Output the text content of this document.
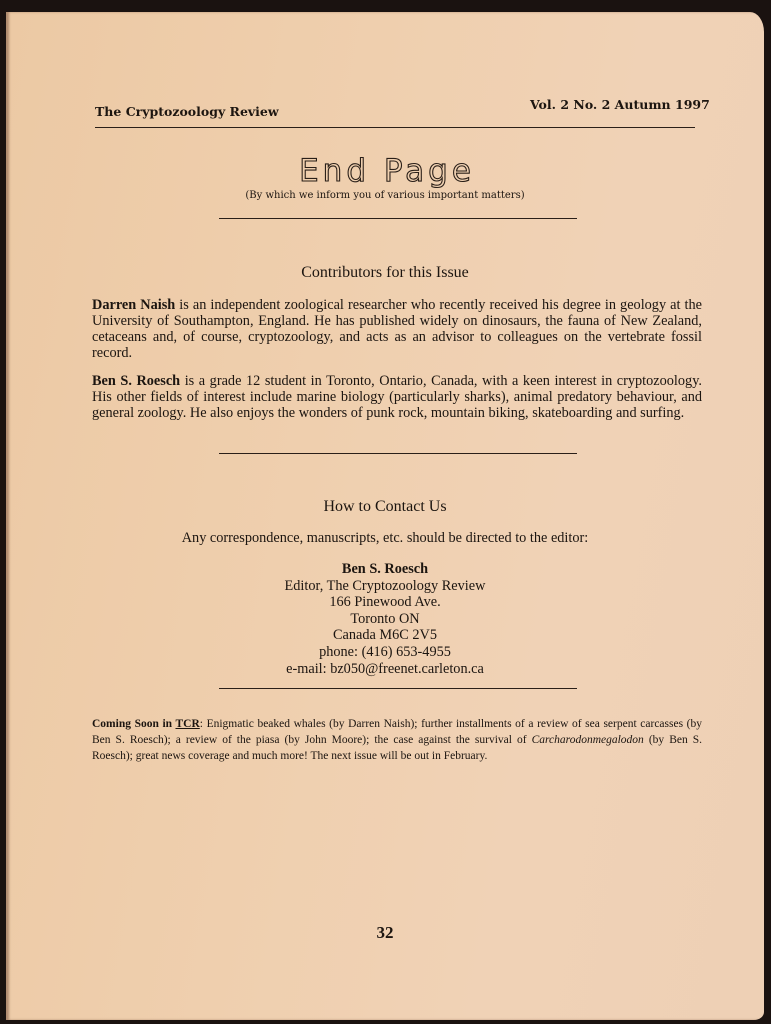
The Cryptozoology Review	Vol. 2 No. 2 Autumn 1997
End Page
(By which we inform you of various important matters)
Contributors for this Issue
Darren Naish is an independent zoological researcher who recently received his degree in geology at the University of Southampton, England. He has published widely on dinosaurs, the fauna of New Zealand, cetaceans and, of course, cryptozoology, and acts as an advisor to colleagues on the vertebrate fossil record.
Ben S. Roesch is a grade 12 student in Toronto, Ontario, Canada, with a keen interest in cryptozoology. His other fields of interest include marine biology (particularly sharks), animal predatory behaviour, and general zoology. He also enjoys the wonders of punk rock, mountain biking, skateboarding and surfing.
How to Contact Us
Any correspondence, manuscripts, etc. should be directed to the editor:
Ben S. Roesch
Editor, The Cryptozoology Review
166 Pinewood Ave.
Toronto ON
Canada M6C 2V5
phone: (416) 653-4955
e-mail: bz050@freenet.carleton.ca
Coming Soon in TCR: Enigmatic beaked whales (by Darren Naish); further installments of a review of sea serpent carcasses (by Ben S. Roesch); a review of the piasa (by John Moore); the case against the survival of Carcharodonmegalodon (by Ben S. Roesch); great news coverage and much more! The next issue will be out in February.
32
